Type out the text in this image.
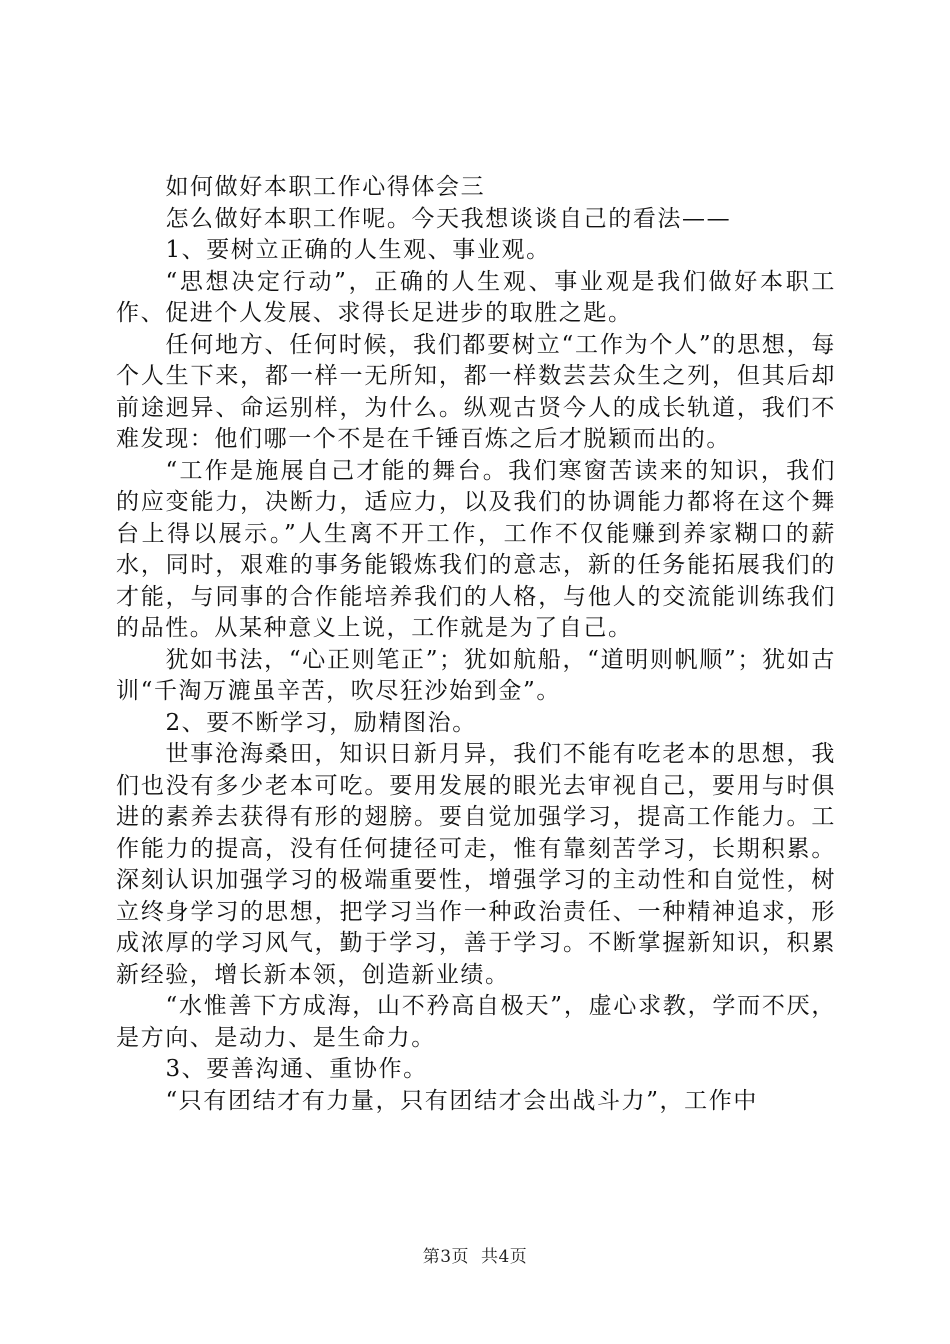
如何做好本职工作心得体会三

怎么做好本职工作呢。今天我想谈谈自己的看法——

1、要树立正确的人生观、事业观。

“思想决定行动”，正确的人生观、事业观是我们做好本职工作、促进个人发展、求得长足进步的取胜之匙。

任何地方、任何时候，我们都要树立“工作为个人”的思想，每个人生下来，都一样一无所知，都一样数芸芸众生之列，但其后却前途迥异、命运别样，为什么。纵观古贤今人的成长轨道，我们不难发现：他们哪一个不是在千锤百炼之后才脱颖而出的。

“工作是施展自己才能的舞台。我们寒窗苦读来的知识，我们的应变能力，决断力，适应力，以及我们的协调能力都将在这个舞台上得以展示。”人生离不开工作，工作不仅能赚到养家糊口的薪水，同时，艰难的事务能锻炼我们的意志，新的任务能拓展我们的才能，与同事的合作能培养我们的人格，与他人的交流能训练我们的品性。从某种意义上说，工作就是为了自己。

犹如书法，“心正则笔正”；犹如航船，“道明则帆顺”；犹如古训“千淘万漉虽辛苦，吹尽狂沙始到金”。

2、要不断学习，励精图治。

世事沧海桑田，知识日新月异，我们不能有吃老本的思想，我们也没有多少老本可吃。要用发展的眼光去审视自己，要用与时俱进的素养去获得有形的翅膀。要自觉加强学习，提高工作能力。工作能力的提高，没有任何捷径可走，惟有靠刻苦学习，长期积累。深刻认识加强学习的极端重要性，增强学习的主动性和自觉性，树立终身学习的思想，把学习当作一种政治责任、一种精神追求，形成浓厚的学习风气，勤于学习，善于学习。不断掌握新知识，积累新经验，增长新本领，创造新业绩。

“水惟善下方成海，山不矜高自极天”，虚心求教，学而不厌，是方向、是动力、是生命力。

3、要善沟通、重协作。

“只有团结才有力量，只有团结才会出战斗力”，工作中

第3页 共4页
